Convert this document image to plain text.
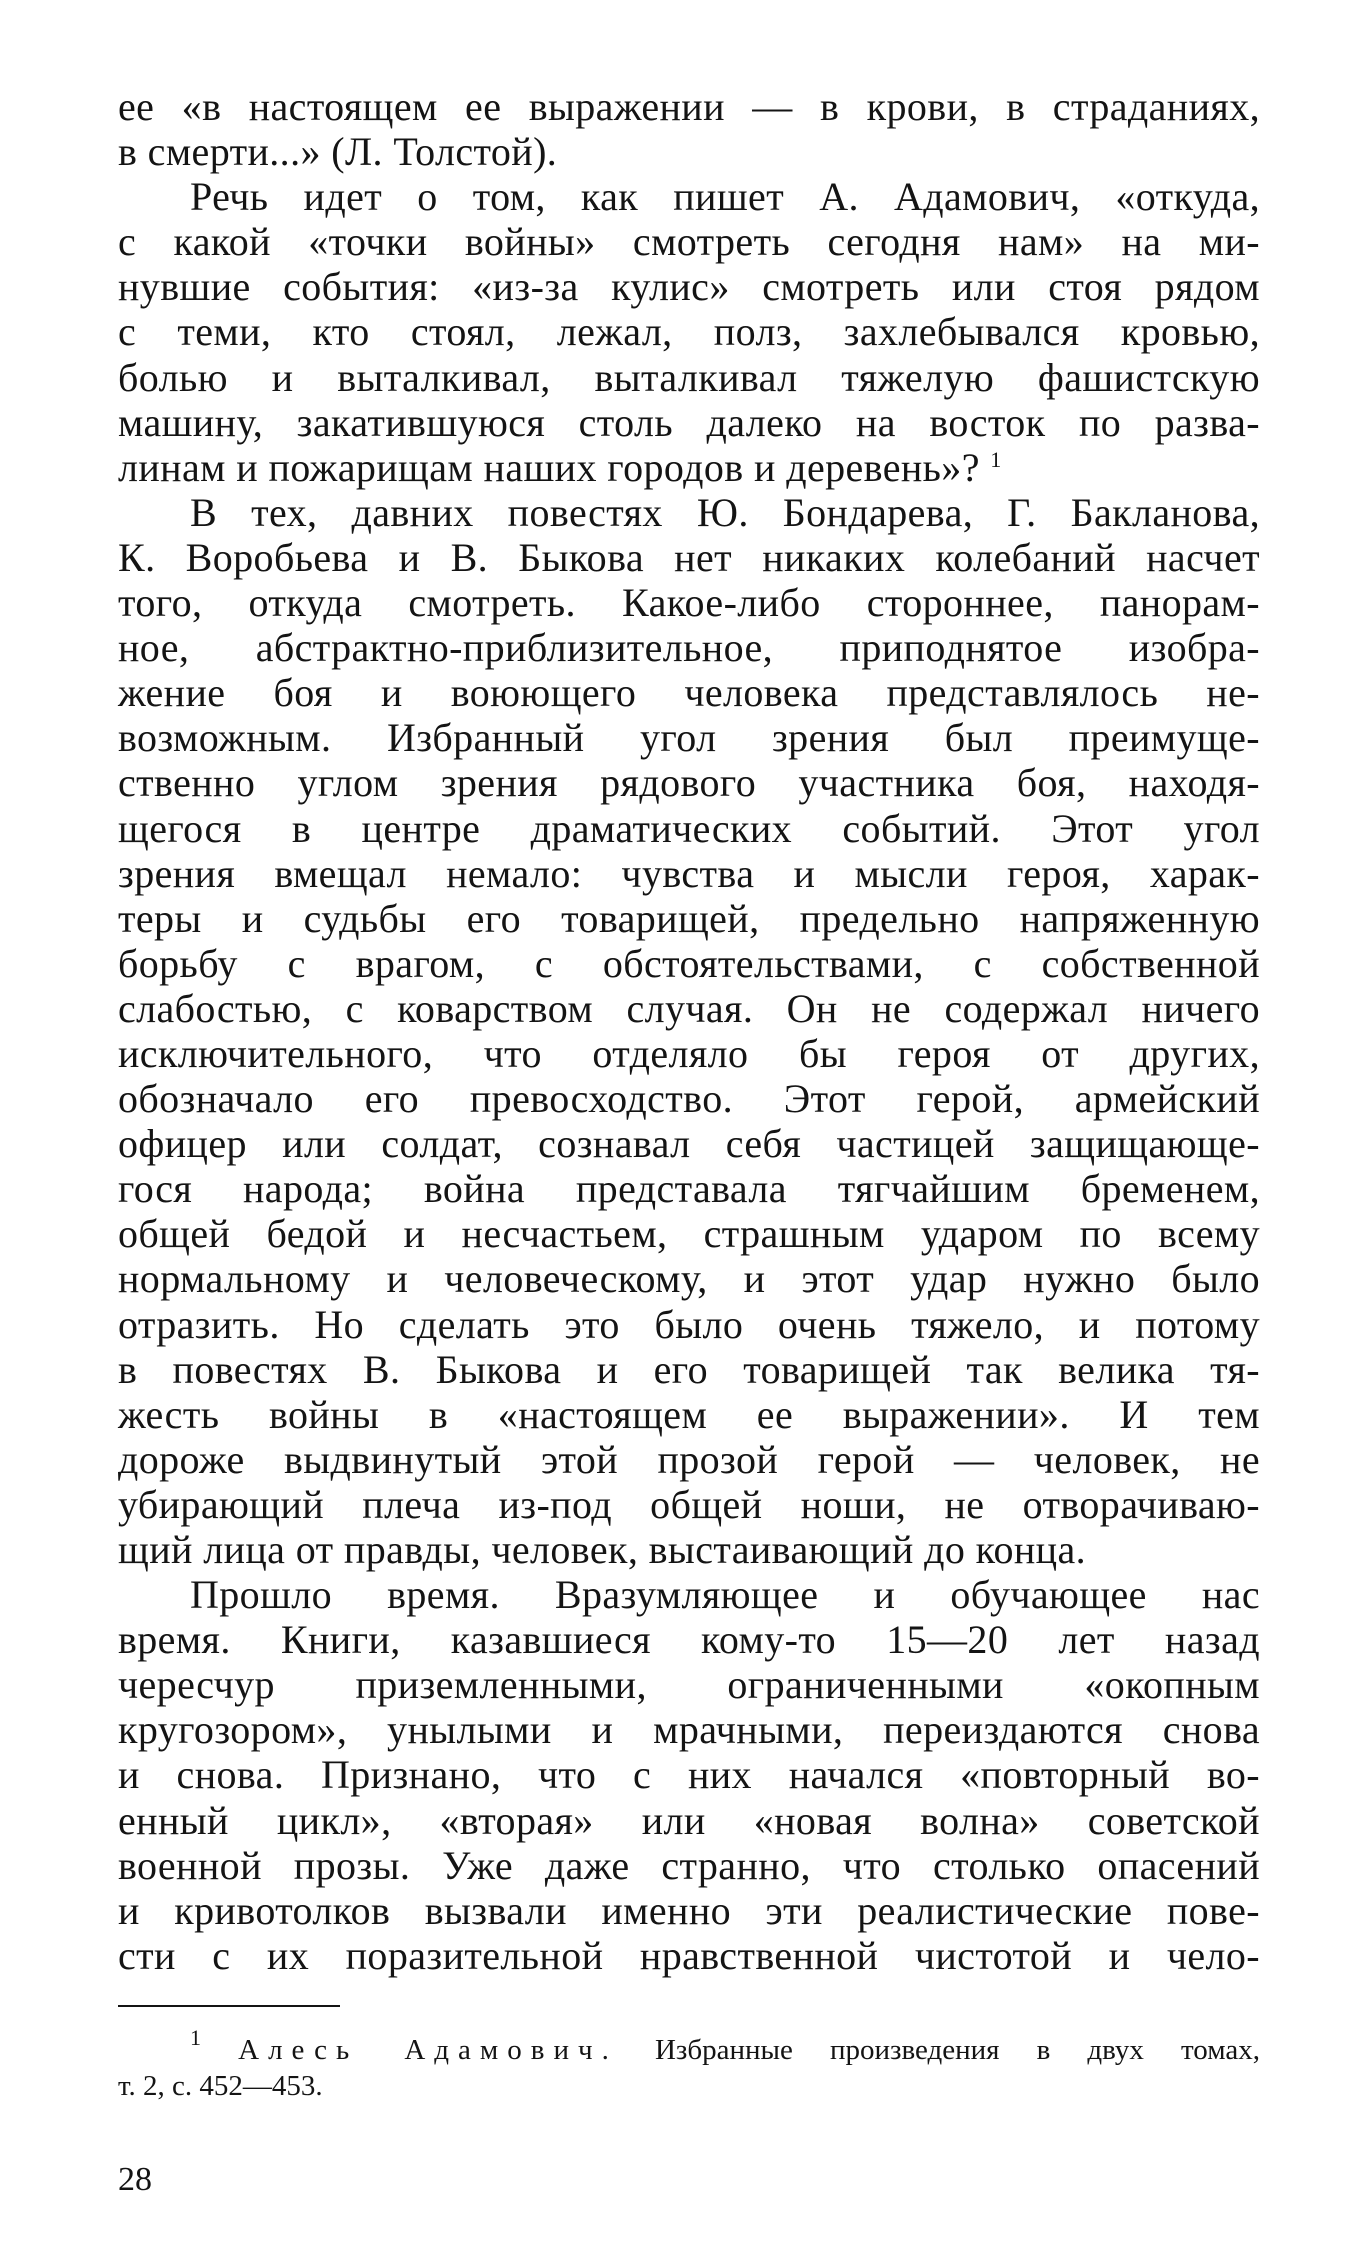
ее «в настоящем ее выражении — в крови, в страданиях,
в смерти...» (Л. Толстой).
Речь идет о том, как пишет А. Адамович, «откуда,
с какой «точки войны» смотреть сегодня нам» на ми-
нувшие события: «из-за кулис» смотреть или стоя рядом
с теми, кто стоял, лежал, полз, захлебывался кровью,
болью и выталкивал, выталкивал тяжелую фашистскую
машину, закатившуюся столь далеко на восток по разва-
линам и пожарищам наших городов и деревень»? $^1$
В тех, давних повестях Ю. Бондарева, Г. Бакланова,
К. Воробьева и В. Быкова нет никаких колебаний насчет
того, откуда смотреть. Какое-либо стороннее, панорам-
ное, абстрактно-приблизительное, приподнятое изобра-
жение боя и воюющего человека представлялось не-
возможным. Избранный угол зрения был преимуще-
ственно углом зрения рядового участника боя, находя-
щегося в центре драматических событий. Этот угол
зрения вмещал немало: чувства и мысли героя, харак-
теры и судьбы его товарищей, предельно напряженную
борьбу с врагом, с обстоятельствами, с собственной
слабостью, с коварством случая. Он не содержал ничего
исключительного, что отделяло бы героя от других,
обозначало его превосходство. Этот герой, армейский
офицер или солдат, сознавал себя частицей защищающе-
гося народа; война представала тягчайшим бременем,
общей бедой и несчастьем, страшным ударом по всему
нормальному и человеческому, и этот удар нужно было
отразить. Но сделать это было очень тяжело, и потому
в повестях В. Быкова и его товарищей так велика тя-
жесть войны в «настоящем ее выражении». И тем
дороже выдвинутый этой прозой герой — человек, не
убирающий плеча из-под общей ноши, не отворачиваю-
щий лица от правды, человек, выстаивающий до конца.
Прошло время. Вразумляющее и обучающее нас
время. Книги, казавшиеся кому-то 15—20 лет назад
чересчур приземленными, ограниченными «окопным
кругозором», унылыми и мрачными, переиздаются снова
и снова. Признано, что с них начался «повторный во-
енный цикл», «вторая» или «новая волна» советской
военной прозы. Уже даже странно, что столько опасений
и кривотолков вызвали именно эти реалистические пове-
сти с их поразительной нравственной чистотой и чело-
$^1$ Алесь Адамович. Избранные произведения в двух томах,
т. 2, с. 452—453.
28
